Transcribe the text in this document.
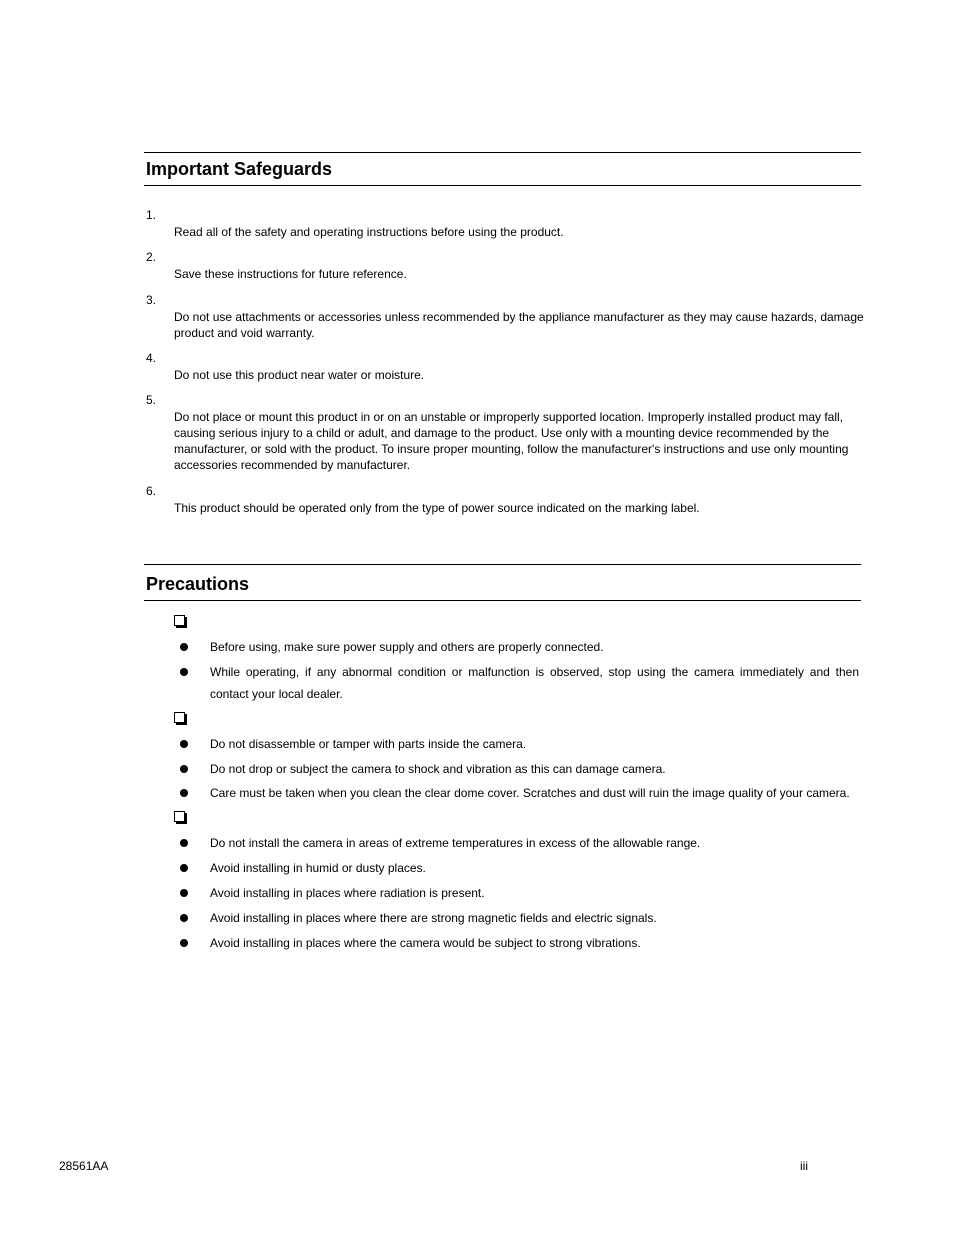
Important Safeguards
1.
Read all of the safety and operating instructions before using the product.
2.
Save these instructions for future reference.
3.
Do not use attachments or accessories unless recommended by the appliance manufacturer as they may cause hazards, damage product and void warranty.
4.
Do not use this product near water or moisture.
5.
Do not place or mount this product in or on an unstable or improperly supported location. Improperly installed product may fall, causing serious injury to a child or adult, and damage to the product. Use only with a mounting device recommended by the manufacturer, or sold with the product. To insure proper mounting, follow the manufacturer's instructions and use only mounting accessories recommended by manufacturer.
6.
This product should be operated only from the type of power source indicated on the marking label.
Precautions
Before using, make sure power supply and others are properly connected.
While operating, if any abnormal condition or malfunction is observed, stop using the camera immediately and then
contact your local dealer.
Do not disassemble or tamper with parts inside the camera.
Do not drop or subject the camera to shock and vibration as this can damage camera.
Care must be taken when you clean the clear dome cover. Scratches and dust will ruin the image quality of your camera.
Do not install the camera in areas of extreme temperatures in excess of the allowable range.
Avoid installing in humid or dusty places.
Avoid installing in places where radiation is present.
Avoid installing in places where there are strong magnetic fields and electric signals.
Avoid installing in places where the camera would be subject to strong vibrations.
28561AA	iii
